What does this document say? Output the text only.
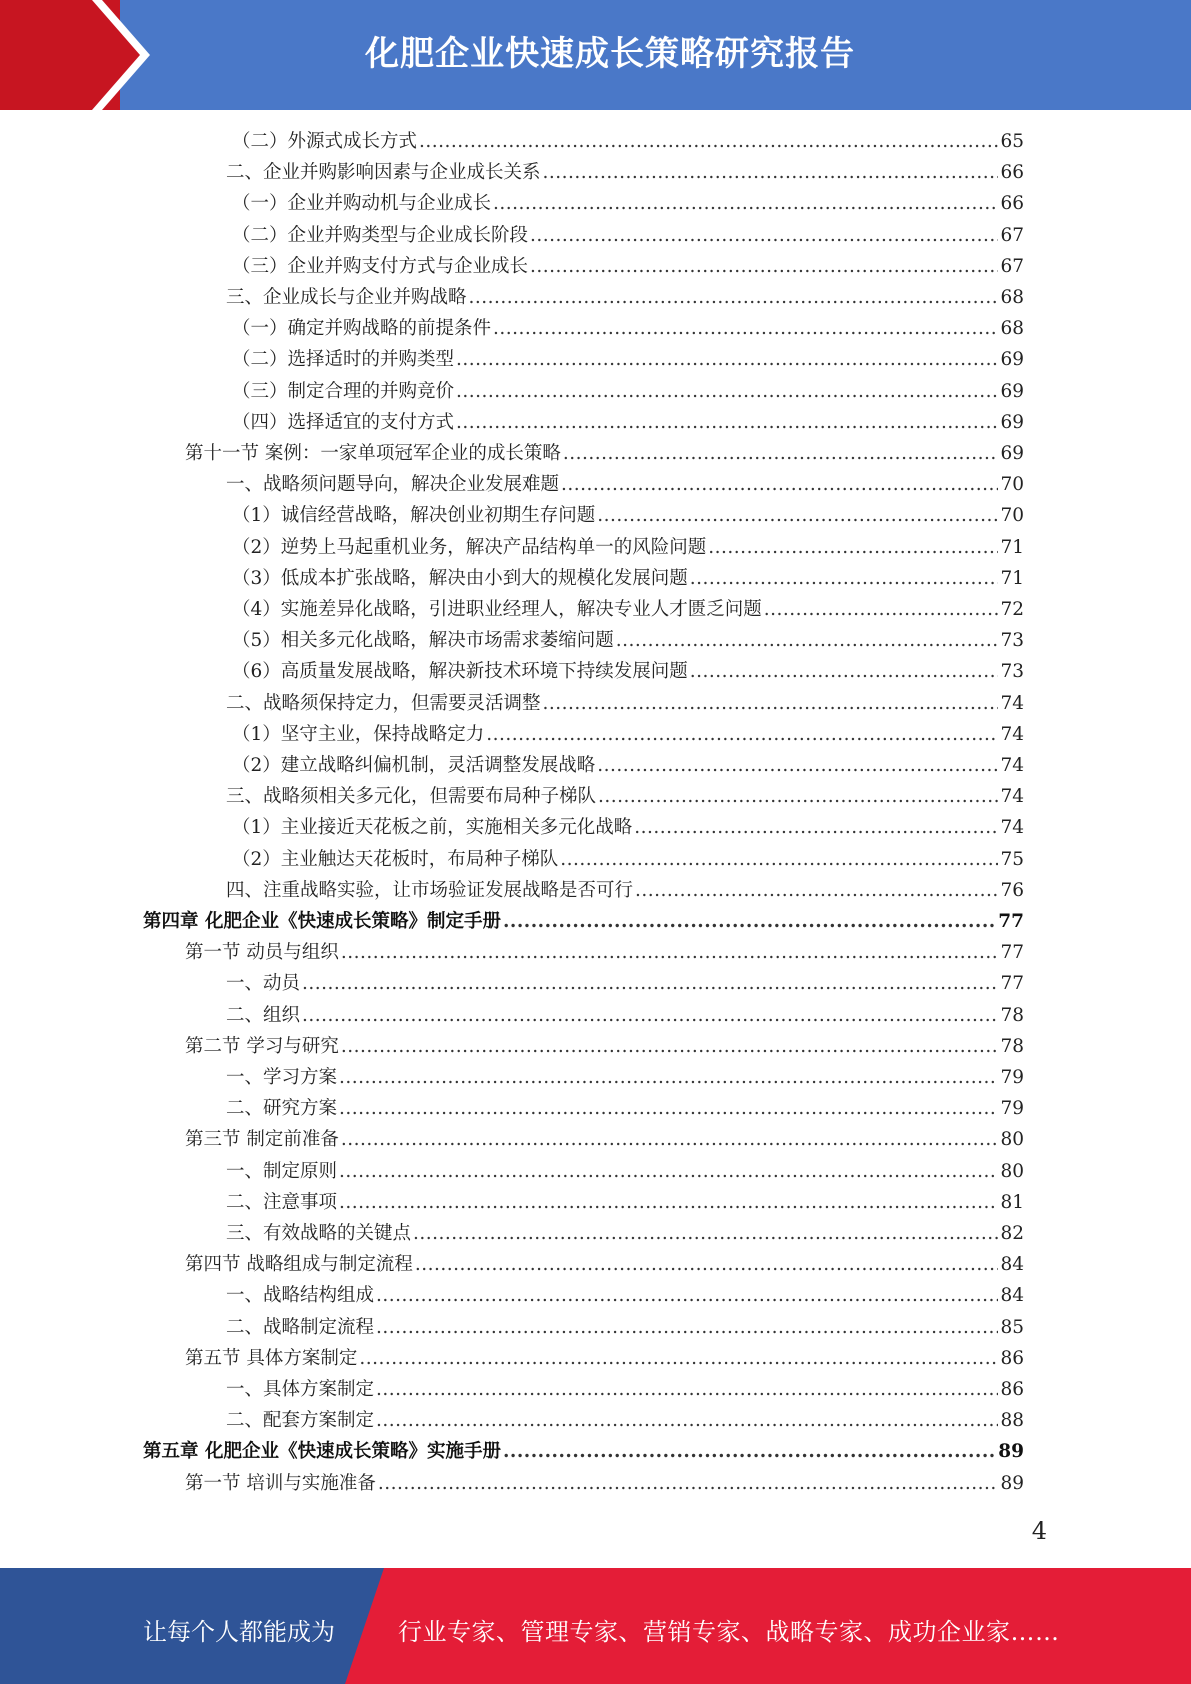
化肥企业快速成长策略研究报告
（二）外源式成长方式 .....	65
二、企业并购影响因素与企业成长关系 .....	66
（一）企业并购动机与企业成长 .....	66
（二）企业并购类型与企业成长阶段 .....	67
（三）企业并购支付方式与企业成长 .....	67
三、企业成长与企业并购战略 .....	68
（一）确定并购战略的前提条件 .....	68
（二）选择适时的并购类型 .....	69
（三）制定合理的并购竞价 .....	69
（四）选择适宜的支付方式 .....	69
第十一节 案例：一家单项冠军企业的成长策略 .....	69
一、战略须问题导向，解决企业发展难题 .....	70
（1）诚信经营战略，解决创业初期生存问题 .....	70
（2）逆势上马起重机业务，解决产品结构单一的风险问题 .....	71
（3）低成本扩张战略，解决由小到大的规模化发展问题 .....	71
（4）实施差异化战略，引进职业经理人，解决专业人才匮乏问题 .....	72
（5）相关多元化战略，解决市场需求萎缩问题 .....	73
（6）高质量发展战略，解决新技术环境下持续发展问题 .....	73
二、战略须保持定力，但需要灵活调整 .....	74
（1）坚守主业，保持战略定力 .....	74
（2）建立战略纠偏机制，灵活调整发展战略 .....	74
三、战略须相关多元化，但需要布局种子梯队 .....	74
（1）主业接近天花板之前，实施相关多元化战略 .....	74
（2）主业触达天花板时，布局种子梯队 .....	75
四、注重战略实验，让市场验证发展战略是否可行 .....	76
第四章 化肥企业《快速成长策略》制定手册 .....	77
第一节 动员与组织 .....	77
一、动员 .....	77
二、组织 .....	78
第二节 学习与研究 .....	78
一、学习方案 .....	79
二、研究方案 .....	79
第三节 制定前准备 .....	80
一、制定原则 .....	80
二、注意事项 .....	81
三、有效战略的关键点 .....	82
第四节 战略组成与制定流程 .....	84
一、战略结构组成 .....	84
二、战略制定流程 .....	85
第五节 具体方案制定 .....	86
一、具体方案制定 .....	86
二、配套方案制定 .....	88
第五章 化肥企业《快速成长策略》实施手册 .....	89
第一节 培训与实施准备 .....	89
4
让每个人都能成为	行业专家、管理专家、营销专家、战略专家、成功企业家……
